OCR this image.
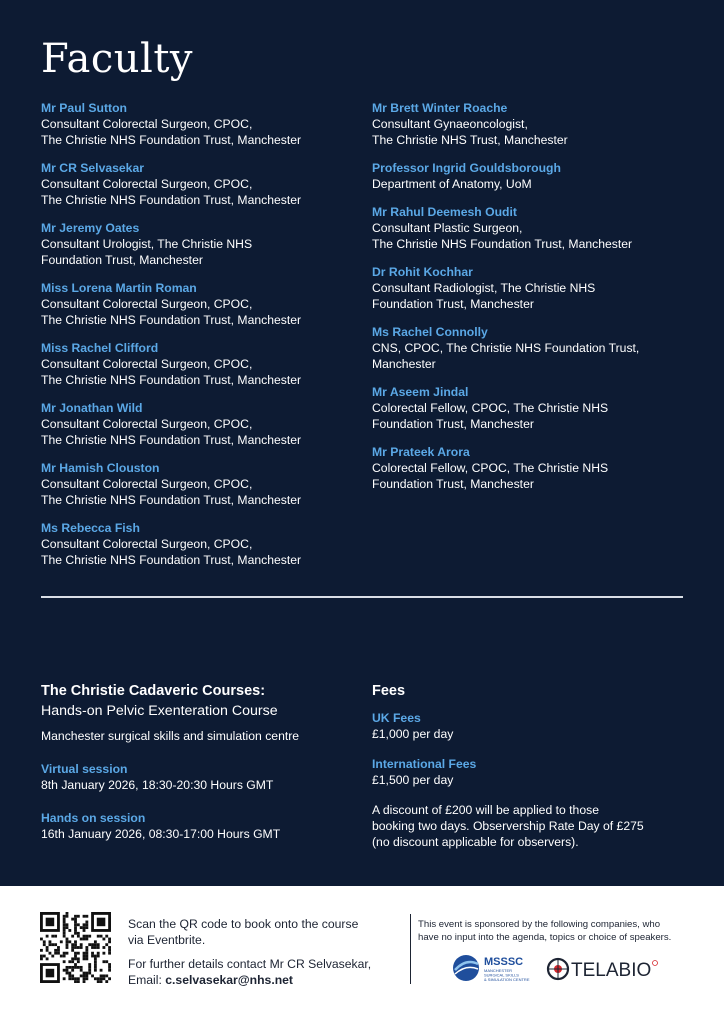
Faculty
Mr Paul Sutton
Consultant Colorectal Surgeon, CPOC,
The Christie NHS Foundation Trust, Manchester
Mr CR Selvasekar
Consultant Colorectal Surgeon, CPOC,
The Christie NHS Foundation Trust, Manchester
Mr Jeremy Oates
Consultant Urologist, The Christie NHS
Foundation Trust, Manchester
Miss Lorena Martin Roman
Consultant Colorectal Surgeon, CPOC,
The Christie NHS Foundation Trust, Manchester
Miss Rachel Clifford
Consultant Colorectal Surgeon, CPOC,
The Christie NHS Foundation Trust, Manchester
Mr Jonathan Wild
Consultant Colorectal Surgeon, CPOC,
The Christie NHS Foundation Trust, Manchester
Mr Hamish Clouston
Consultant Colorectal Surgeon, CPOC,
The Christie NHS Foundation Trust, Manchester
Ms Rebecca Fish
Consultant Colorectal Surgeon, CPOC,
The Christie NHS Foundation Trust, Manchester
Mr Brett Winter Roache
Consultant Gynaeoncologist,
The Christie NHS Trust, Manchester
Professor Ingrid Gouldsborough
Department of Anatomy, UoM
Mr Rahul Deemesh Oudit
Consultant Plastic Surgeon,
The Christie NHS Foundation Trust, Manchester
Dr Rohit Kochhar
Consultant Radiologist, The Christie NHS
Foundation Trust, Manchester
Ms Rachel Connolly
CNS, CPOC, The Christie NHS Foundation Trust,
Manchester
Mr Aseem Jindal
Colorectal Fellow, CPOC, The Christie NHS
Foundation Trust, Manchester
Mr Prateek Arora
Colorectal Fellow, CPOC, The Christie NHS
Foundation Trust, Manchester
The Christie Cadaveric Courses:
Hands-on Pelvic Exenteration Course
Manchester surgical skills and simulation centre
Virtual session
8th January 2026, 18:30-20:30 Hours GMT
Hands on session
16th January 2026, 08:30-17:00 Hours GMT
Fees
UK Fees
£1,000 per day
International Fees
£1,500 per day
A discount of £200 will be applied to those
booking two days. Observership Rate Day of £275
(no discount applicable for observers).
Scan the QR code to book onto the course
via Eventbrite.
For further details contact Mr CR Selvasekar,
Email: c.selvasekar@nhs.net
This event is sponsored by the following companies, who
have no input into the agenda, topics or choice of speakers.
MSSSC
MANCHESTER
SURGICAL SKILLS
& SIMULATION CENTRE TELABIO
